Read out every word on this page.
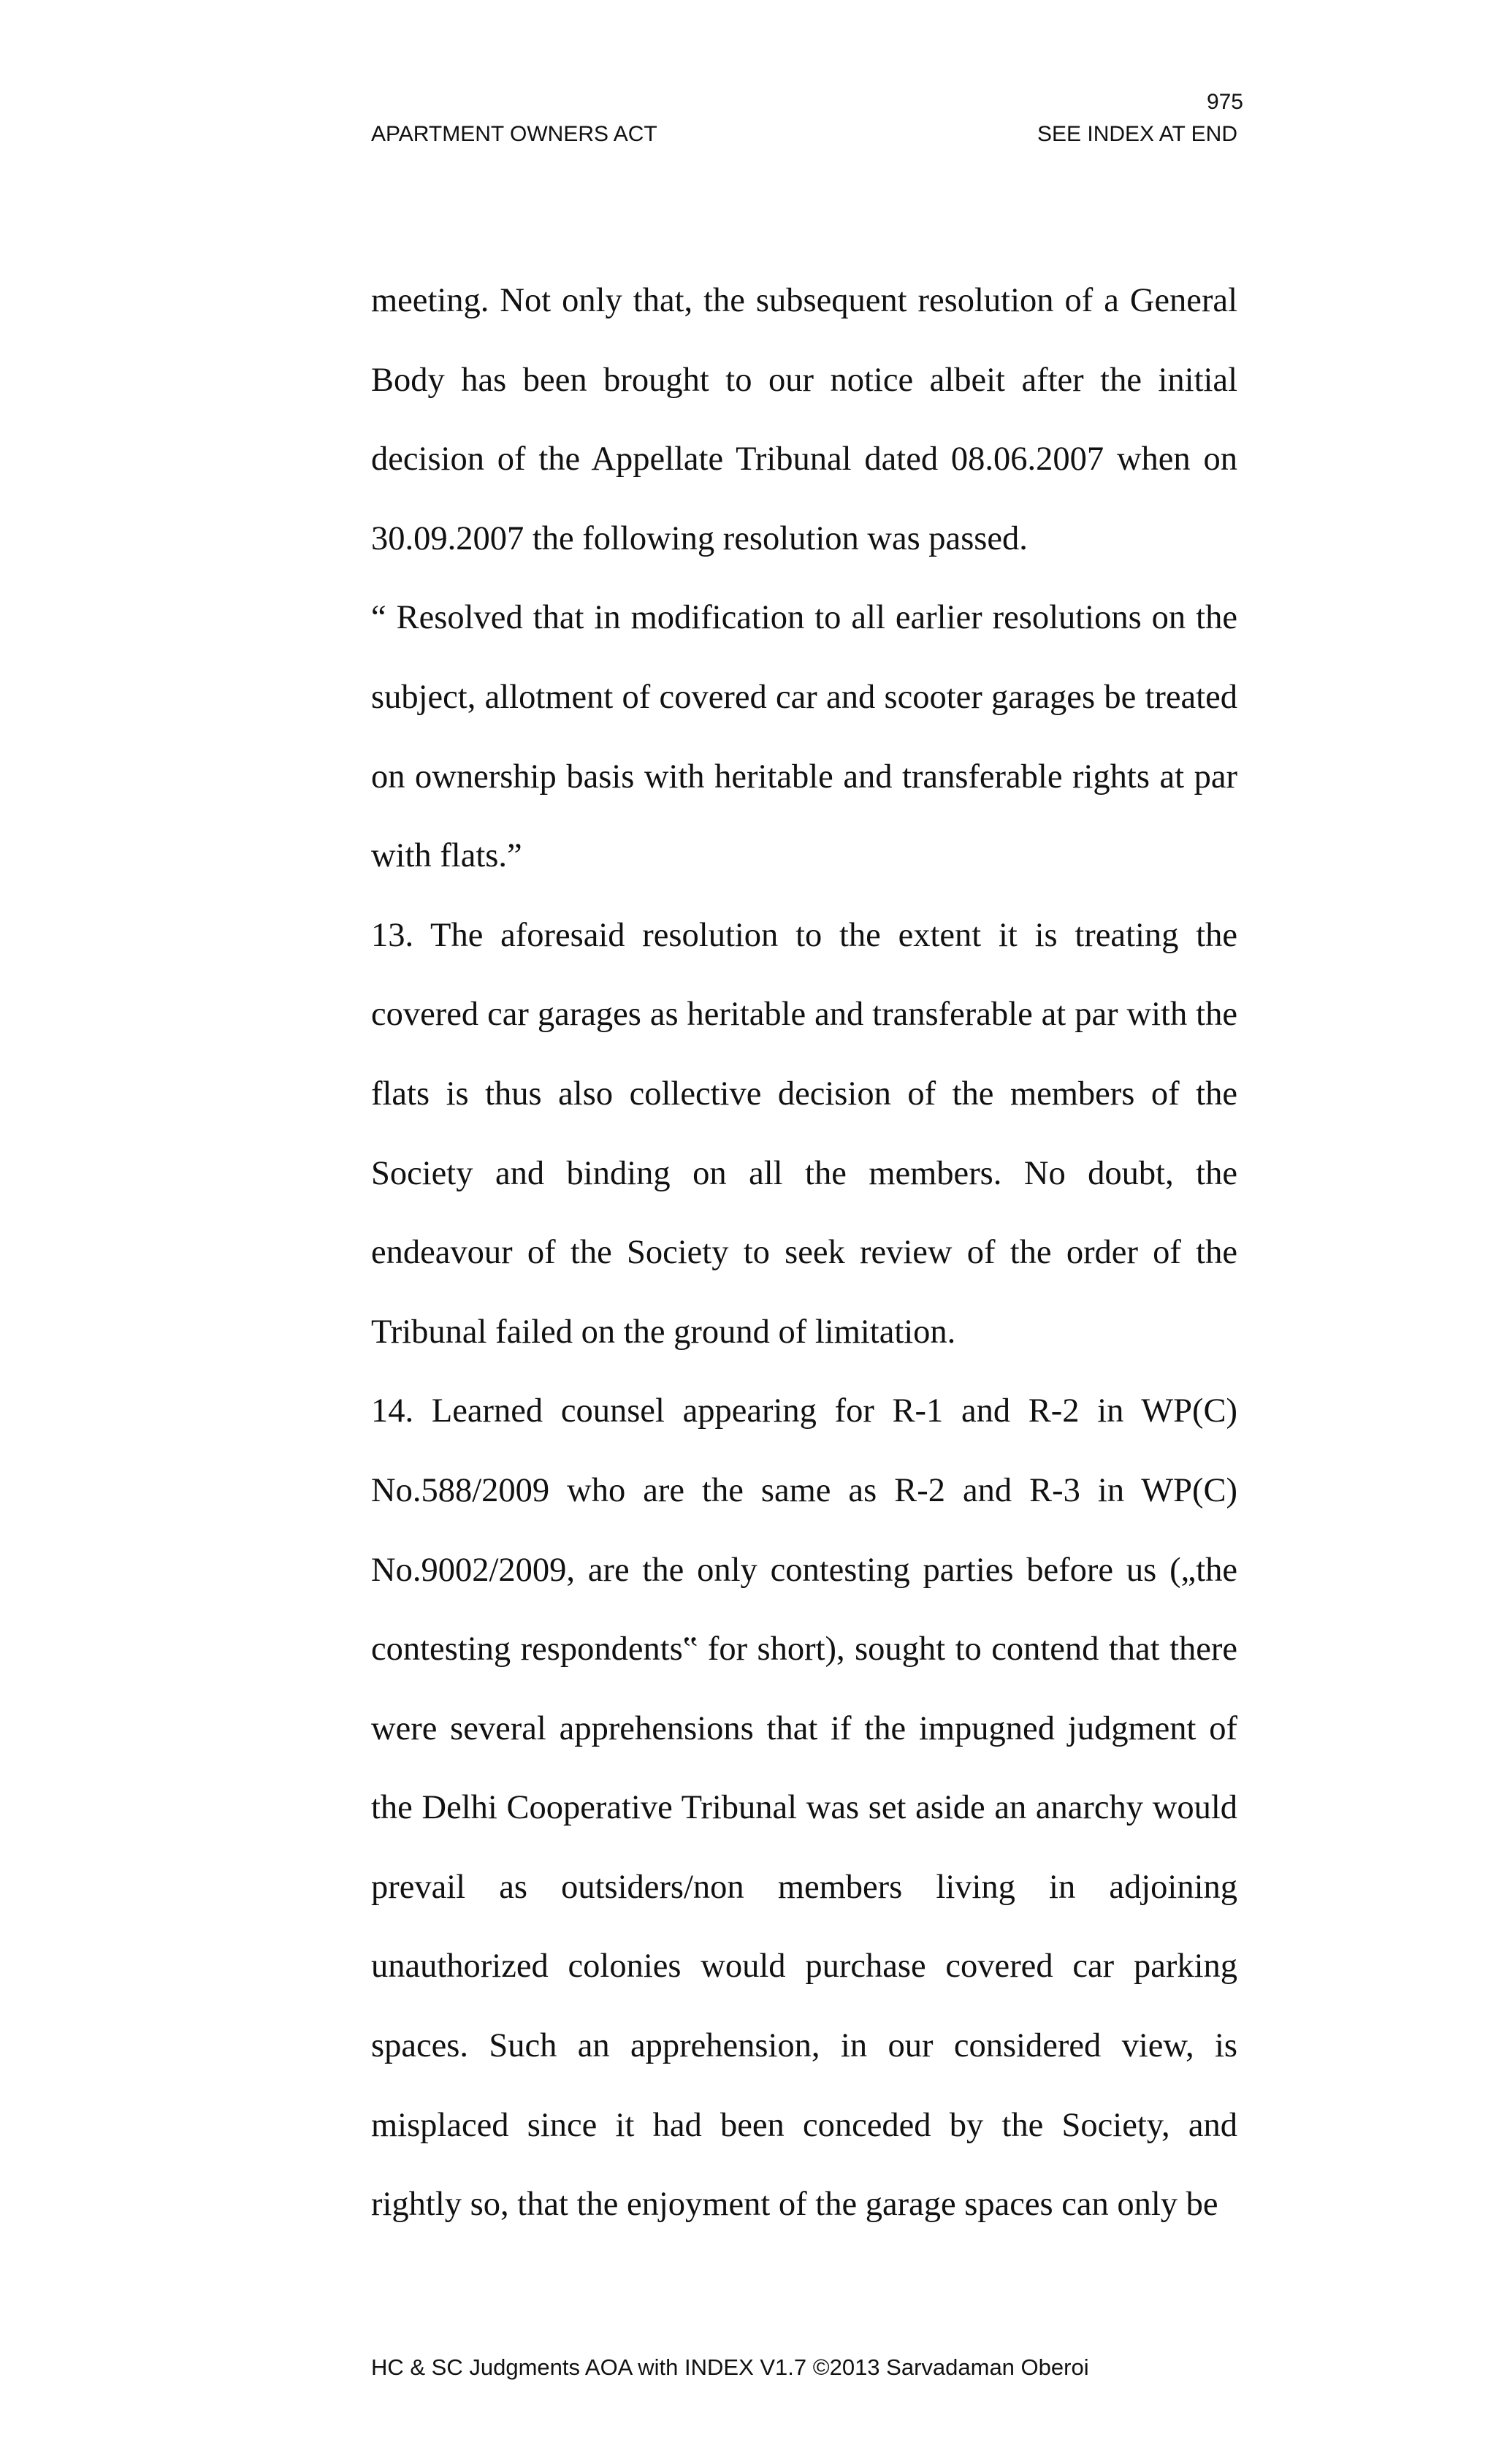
975
APARTMENT OWNERS ACT	SEE INDEX AT END

meeting. Not only that, the subsequent resolution of a General Body has been brought to our notice albeit after the initial decision of the Appellate Tribunal dated 08.06.2007 when on 30.09.2007 the following resolution was passed.

“ Resolved that in modification to all earlier resolutions on the subject, allotment of covered car and scooter garages be treated on ownership basis with heritable and transferable rights at par with flats.”

13. The aforesaid resolution to the extent it is treating the covered car garages as heritable and transferable at par with the flats is thus also collective decision of the members of the Society and binding on all the members. No doubt, the endeavour of the Society to seek review of the order of the Tribunal failed on the ground of limitation.

14. Learned counsel appearing for R-1 and R-2 in WP(C) No.588/2009 who are the same as R-2 and R-3 in WP(C) No.9002/2009, are the only contesting parties before us („the contesting respondents‟ for short), sought to contend that there were several apprehensions that if the impugned judgment of the Delhi Cooperative Tribunal was set aside an anarchy would prevail as outsiders/non members living in adjoining unauthorized colonies would purchase covered car parking spaces. Such an apprehension, in our considered view, is misplaced since it had been conceded by the Society, and rightly so, that the enjoyment of the garage spaces can only be

HC & SC Judgments AOA with INDEX V1.7 ©2013 Sarvadaman Oberoi
